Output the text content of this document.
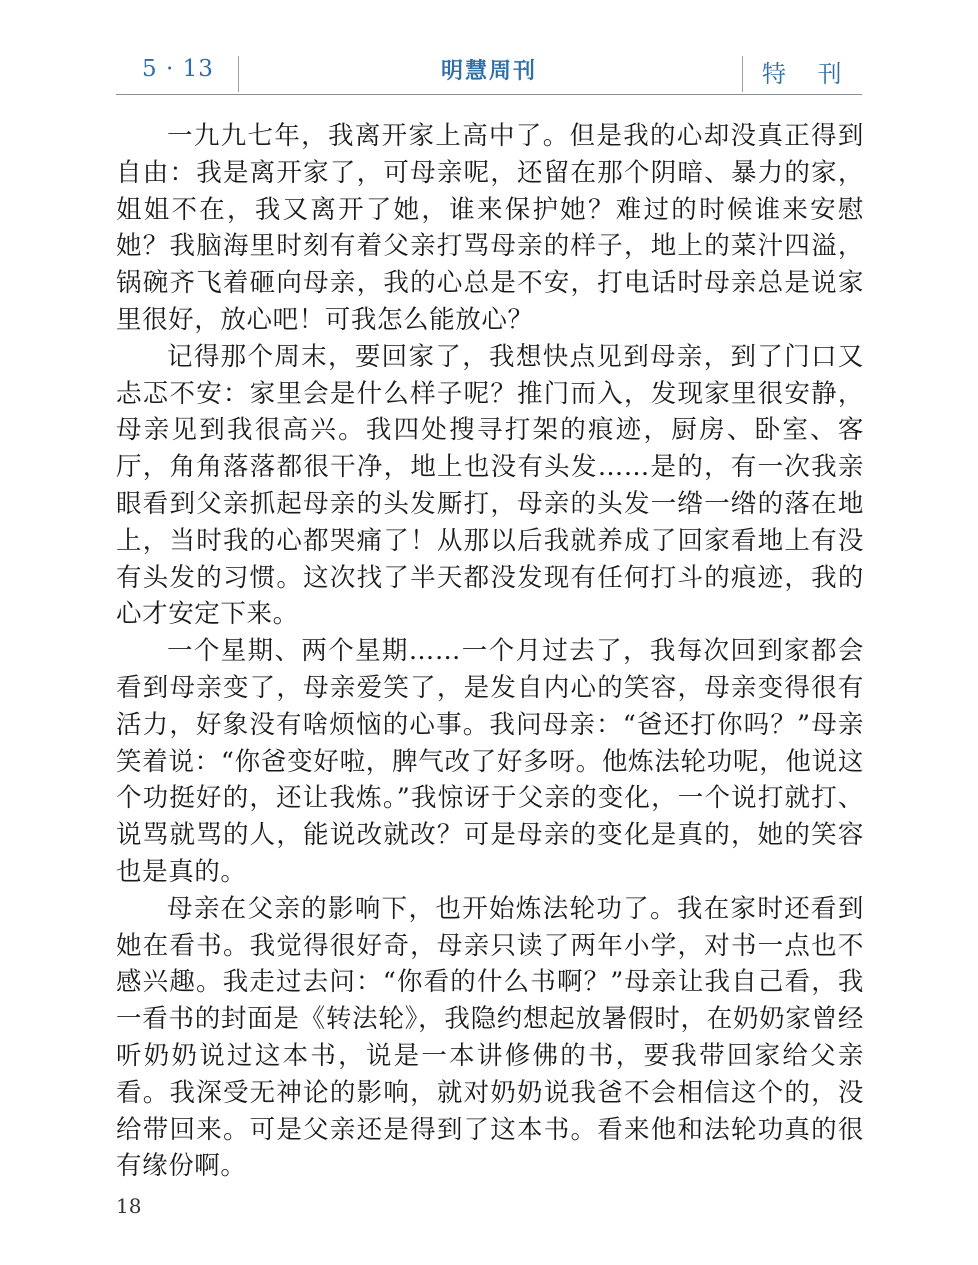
5 · 13	明慧周刊	特 刊

一九九七年，我离开家上高中了。但是我的心却没真正得到自由：我是离开家了，可母亲呢，还留在那个阴暗、暴力的家，姐姐不在，我又离开了她，谁来保护她？难过的时候谁来安慰她？我脑海里时刻有着父亲打骂母亲的样子，地上的菜汁四溢，锅碗齐飞着砸向母亲，我的心总是不安，打电话时母亲总是说家里很好，放心吧！可我怎么能放心？

记得那个周末，要回家了，我想快点见到母亲，到了门口又忐忑不安：家里会是什么样子呢？推门而入，发现家里很安静，母亲见到我很高兴。我四处搜寻打架的痕迹，厨房、卧室、客厅，角角落落都很干净，地上也没有头发……是的，有一次我亲眼看到父亲抓起母亲的头发厮打，母亲的头发一绺一绺的落在地上，当时我的心都哭痛了！从那以后我就养成了回家看地上有没有头发的习惯。这次找了半天都没发现有任何打斗的痕迹，我的心才安定下来。

一个星期、两个星期……一个月过去了，我每次回到家都会看到母亲变了，母亲爱笑了，是发自内心的笑容，母亲变得很有活力，好象没有啥烦恼的心事。我问母亲：“爸还打你吗？”母亲笑着说：“你爸变好啦，脾气改了好多呀。他炼法轮功呢，他说这个功挺好的，还让我炼。”我惊讶于父亲的变化，一个说打就打、说骂就骂的人，能说改就改？可是母亲的变化是真的，她的笑容也是真的。

母亲在父亲的影响下，也开始炼法轮功了。我在家时还看到她在看书。我觉得很好奇，母亲只读了两年小学，对书一点也不感兴趣。我走过去问：“你看的什么书啊？”母亲让我自己看，我一看书的封面是《转法轮》，我隐约想起放暑假时，在奶奶家曾经听奶奶说过这本书，说是一本讲修佛的书，要我带回家给父亲看。我深受无神论的影响，就对奶奶说我爸不会相信这个的，没给带回来。可是父亲还是得到了这本书。看来他和法轮功真的很有缘份啊。

18
